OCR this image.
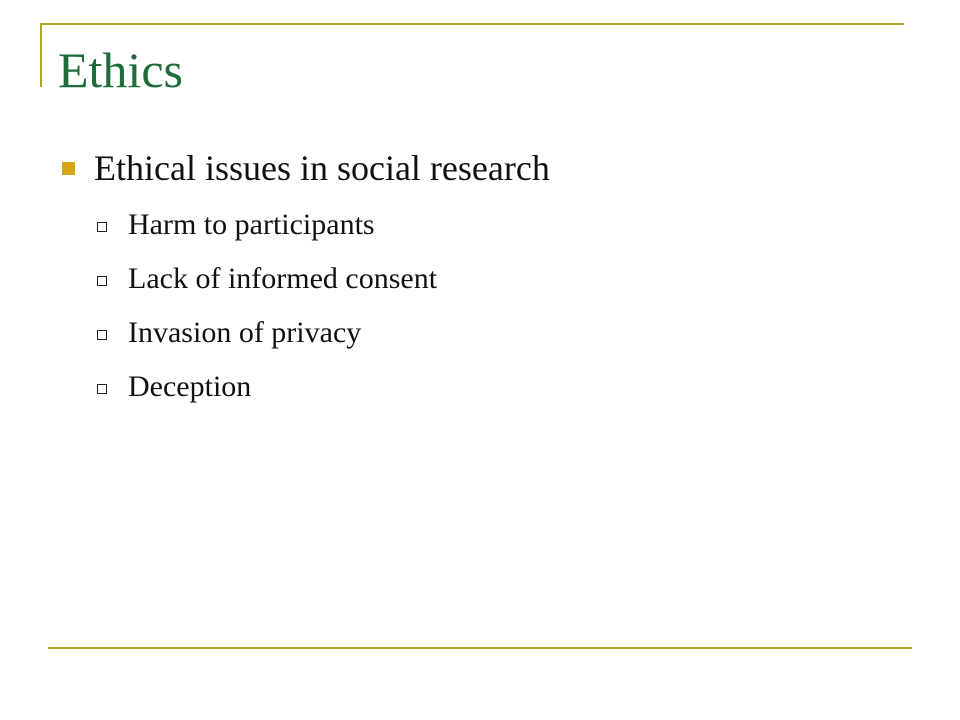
Ethics
Ethical issues in social research
Harm to participants
Lack of informed consent
Invasion of privacy
Deception
